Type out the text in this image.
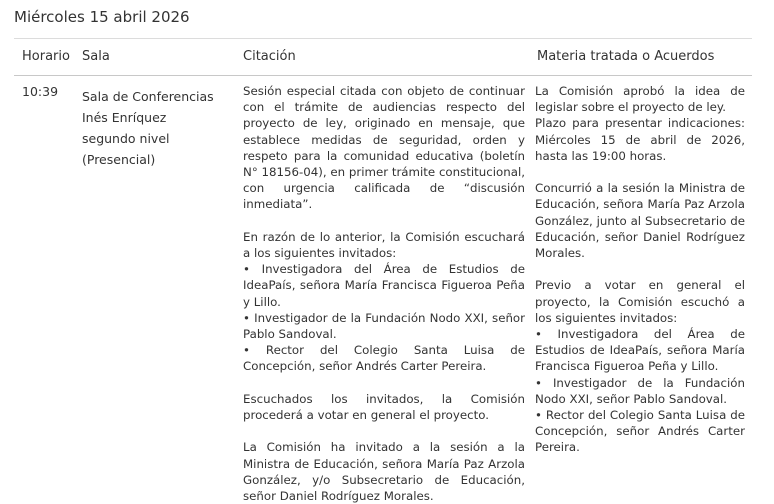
Miércoles 15 abril 2026
Horario Sala	Citación	Materia tratada o Acuerdos
10:39 Sala de Conferencias
Inés Enríquez
segundo nivel
(Presencial)

Sesión especial citada con objeto de continuar con el trámite de audiencias respecto del proyecto de ley, originado en mensaje, que establece medidas de seguridad, orden y respeto para la comunidad educativa (boletín N° 18156-04), en primer trámite constitucional, con urgencia calificada de “discusión inmediata”.

En razón de lo anterior, la Comisión escuchará a los siguientes invitados:
• Investigadora del Área de Estudios de IdeaPaís, señora María Francisca Figueroa Peña y Lillo.
• Investigador de la Fundación Nodo XXI, señor Pablo Sandoval.
• Rector del Colegio Santa Luisa de Concepción, señor Andrés Carter Pereira.

Escuchados los invitados, la Comisión procederá a votar en general el proyecto.

La Comisión ha invitado a la sesión a la Ministra de Educación, señora María Paz Arzola González, y/o Subsecretario de Educación, señor Daniel Rodríguez Morales.

La Comisión aprobó la idea de legislar sobre el proyecto de ley.
Plazo para presentar indicaciones: Miércoles 15 de abril de 2026, hasta las 19:00 horas.

Concurrió a la sesión la Ministra de Educación, señora María Paz Arzola González, junto al Subsecretario de Educación, señor Daniel Rodríguez Morales.

Previo a votar en general el proyecto, la Comisión escuchó a los siguientes invitados:
• Investigadora del Área de Estudios de IdeaPaís, señora María Francisca Figueroa Peña y Lillo.
• Investigador de la Fundación Nodo XXI, señor Pablo Sandoval.
• Rector del Colegio Santa Luisa de Concepción, señor Andrés Carter Pereira.
